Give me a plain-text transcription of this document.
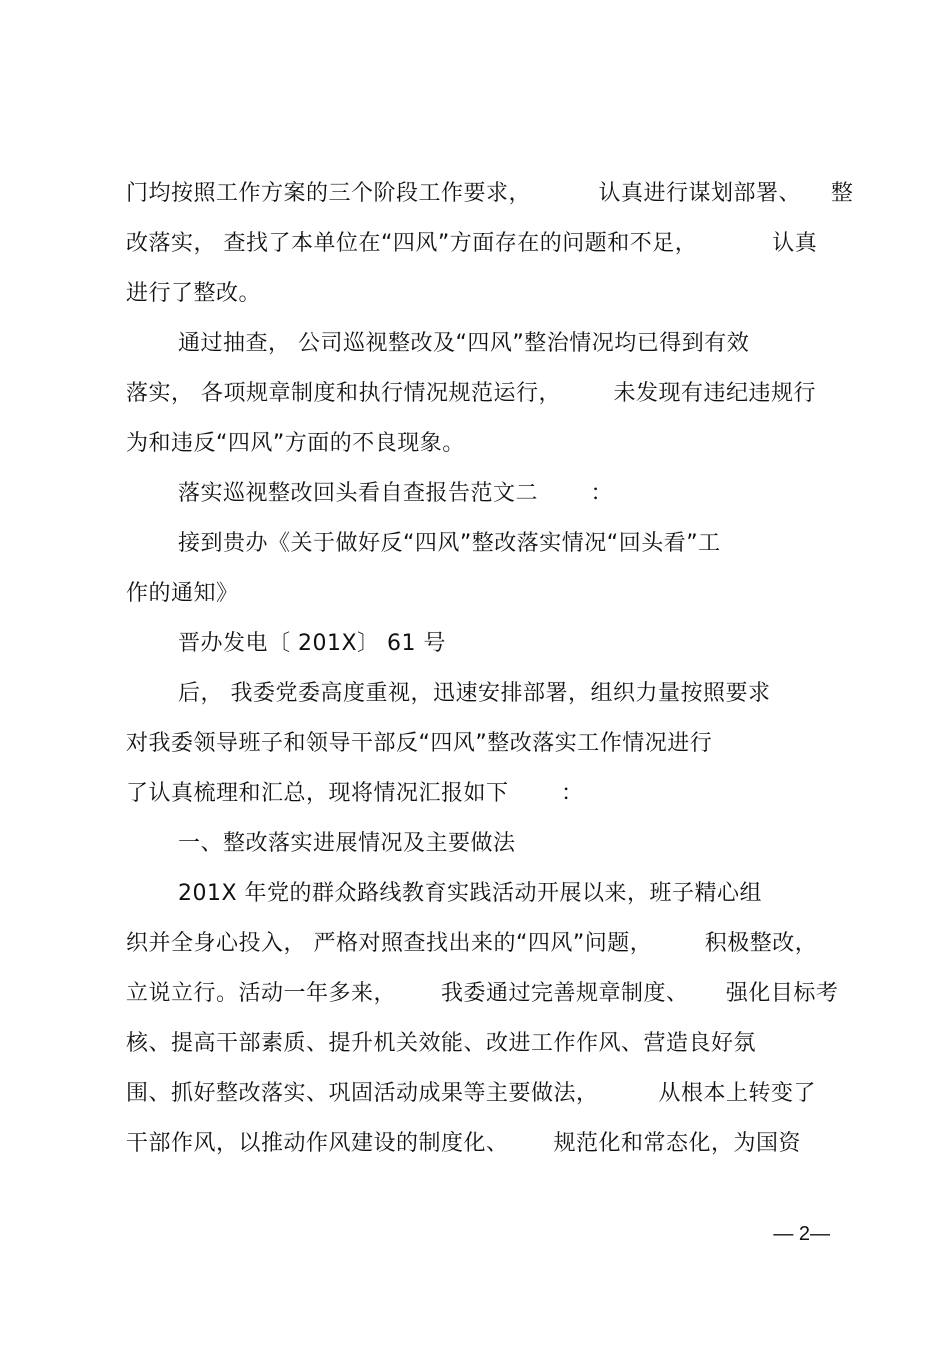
门均按照工作方案的三个阶段工作要求，         认真进行谋划部署、    整
改落实， 查找了本单位在“四风”方面存在的问题和不足，          认真
进行了整改。
通过抽查， 公司巡视整改及“四风”整治情况均已得到有效
落实， 各项规章制度和执行情况规范运行，       未发现有违纪违规行
为和违反“四风”方面的不良现象。
落实巡视整改回头看自查报告范文二       ：
接到贵办《关于做好反“四风”整改落实情况“回头看”工
作的通知》
晋办发电〔 201X〕 61 号
后， 我委党委高度重视，迅速安排部署，组织力量按照要求
对我委领导班子和领导干部反“四风”整改落实工作情况进行
了认真梳理和汇总，现将情况汇报如下       ：
一、整改落实进展情况及主要做法
201X 年党的群众路线教育实践活动开展以来，班子精心组
织并全身心投入， 严格对照查找出来的“四风”问题，       积极整改，
立说立行。活动一年多来，      我委通过完善规章制度、     强化目标考
核、提高干部素质、提升机关效能、改进工作作风、营造良好氛
围、抓好整改落实、巩固活动成果等主要做法，        从根本上转变了
干部作风，以推动作风建设的制度化、      规范化和常态化，为国资
— 2—
